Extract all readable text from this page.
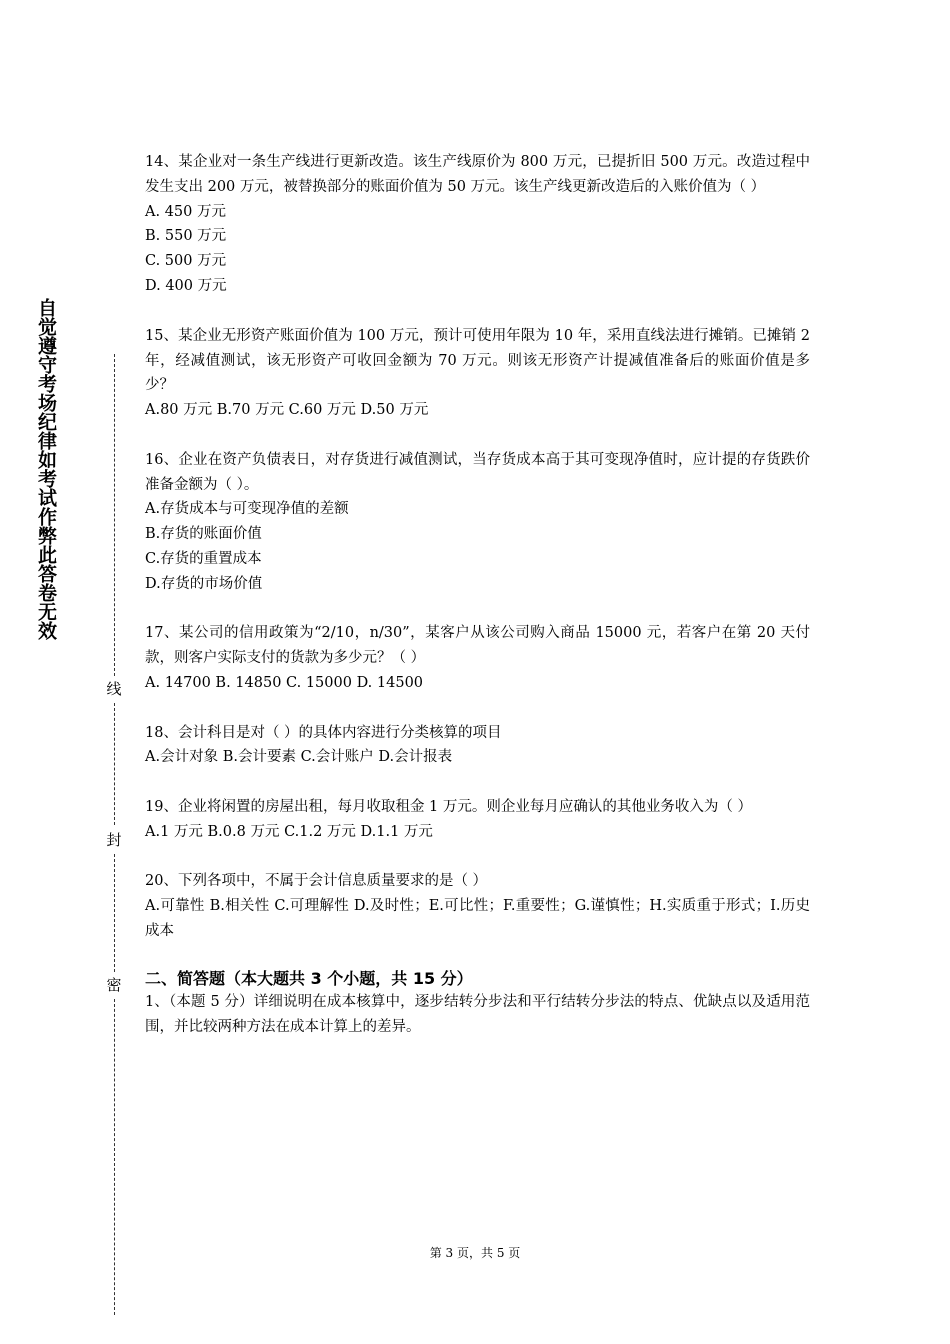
自觉遵守考场纪律如考试作弊此答卷无效
线
封
密

14、某企业对一条生产线进行更新改造。该生产线原价为 800 万元，已提折旧 500 万元。改造过程中发生支出 200 万元，被替换部分的账面价值为 50 万元。该生产线更新改造后的入账价值为（ ）

A. 450 万元

B. 550 万元

C. 500 万元

D. 400 万元

15、某企业无形资产账面价值为 100 万元，预计可使用年限为 10 年，采用直线法进行摊销。已摊销 2 年，经减值测试，该无形资产可收回金额为 70 万元。则该无形资产计提减值准备后的账面价值是多少？

A.80 万元 B.70 万元 C.60 万元 D.50 万元

16、企业在资产负债表日，对存货进行减值测试，当存货成本高于其可变现净值时，应计提的存货跌价准备金额为（ ）。

A.存货成本与可变现净值的差额

B.存货的账面价值

C.存货的重置成本

D.存货的市场价值

17、某公司的信用政策为“2/10，n/30”，某客户从该公司购入商品 15000 元，若客户在第 20 天付款，则客户实际支付的货款为多少元？（ ）

A. 14700 B. 14850 C. 15000 D. 14500

18、会计科目是对（ ）的具体内容进行分类核算的项目

A.会计对象 B.会计要素 C.会计账户 D.会计报表

19、企业将闲置的房屋出租，每月收取租金 1 万元。则企业每月应确认的其他业务收入为（ ）

A.1 万元 B.0.8 万元 C.1.2 万元 D.1.1 万元

20、下列各项中，不属于会计信息质量要求的是（ ）

A.可靠性 B.相关性 C.可理解性 D.及时性；E.可比性；F.重要性；G.谨慎性；H.实质重于形式；I.历史成本

二、简答题（本大题共 3 个小题，共 15 分）

1、（本题 5 分）详细说明在成本核算中，逐步结转分步法和平行结转分步法的特点、优缺点以及适用范围，并比较两种方法在成本计算上的差异。

第 3 页，共 5 页
